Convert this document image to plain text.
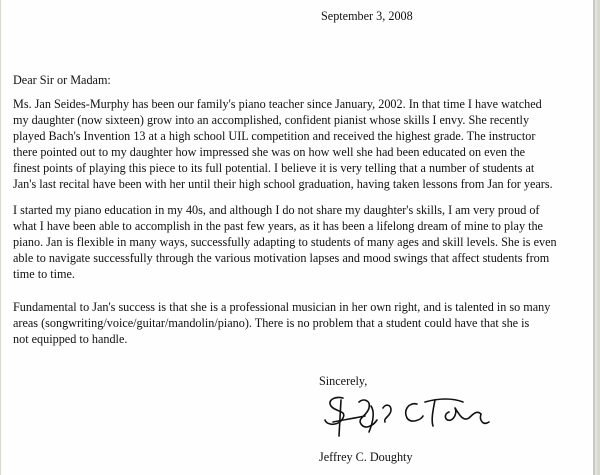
September 3, 2008
Dear Sir or Madam:
Ms. Jan Seides-Murphy has been our family's piano teacher since January, 2002. In that time I have watched
my daughter (now sixteen) grow into an accomplished, confident pianist whose skills I envy. She recently
played Bach's Invention 13 at a high school UIL competition and received the highest grade. The instructor
there pointed out to my daughter how impressed she was on how well she had been educated on even the
finest points of playing this piece to its full potential. I believe it is very telling that a number of students at
Jan's last recital have been with her until their high school graduation, having taken lessons from Jan for years.
I started my piano education in my 40s, and although I do not share my daughter's skills, I am very proud of
what I have been able to accomplish in the past few years, as it has been a lifelong dream of mine to play the
piano. Jan is flexible in many ways, successfully adapting to students of many ages and skill levels. She is even
able to navigate successfully through the various motivation lapses and mood swings that affect students from
time to time.
Fundamental to Jan's success is that she is a professional musician in her own right, and is talented in so many
areas (songwriting/voice/guitar/mandolin/piano). There is no problem that a student could have that she is
not equipped to handle.
Sincerely,
Jeffrey C. Doughty
